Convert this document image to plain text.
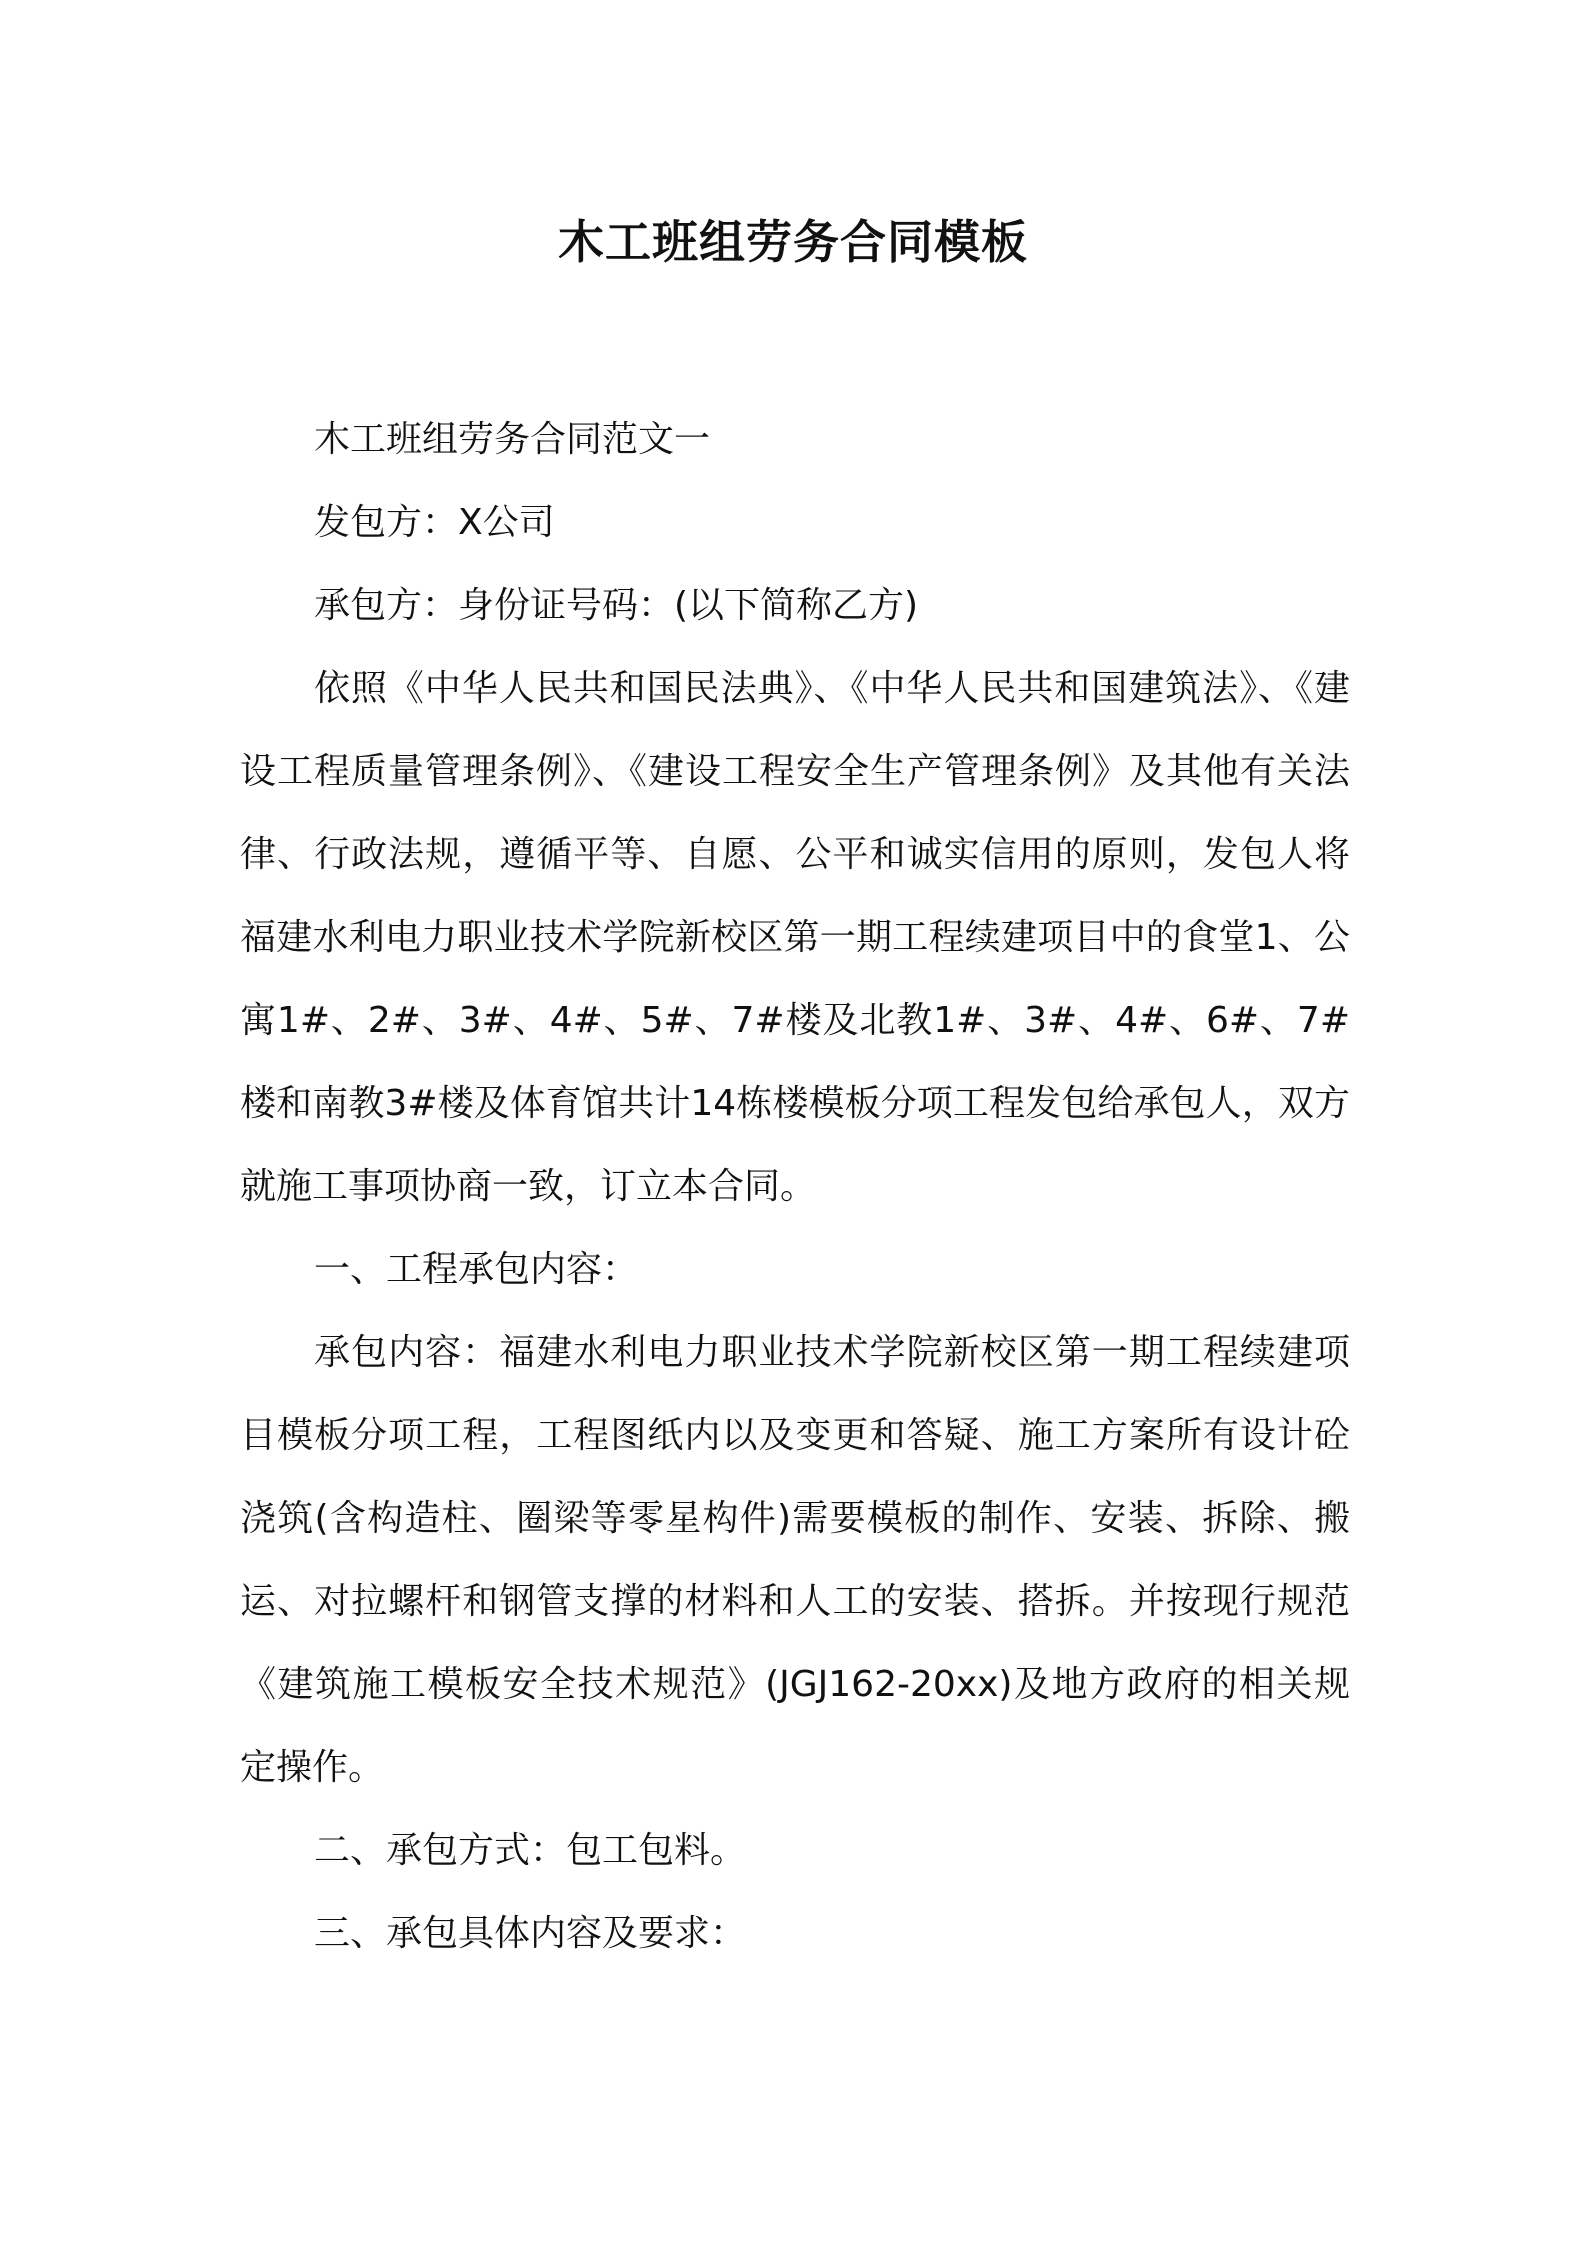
木工班组劳务合同模板

木工班组劳务合同范文一

发包方：X公司

承包方：身份证号码：(以下简称乙方)

依照《中华人民共和国民法典》、《中华人民共和国建筑法》、《建设工程质量管理条例》、《建设工程安全生产管理条例》及其他有关法律、行政法规，遵循平等、自愿、公平和诚实信用的原则，发包人将福建水利电力职业技术学院新校区第一期工程续建项目中的食堂1、公寓1#、2#、3#、4#、5#、7#楼及北教1#、3#、4#、6#、7#楼和南教3#楼及体育馆共计14栋楼模板分项工程发包给承包人，双方就施工事项协商一致，订立本合同。

一、工程承包内容：

承包内容：福建水利电力职业技术学院新校区第一期工程续建项目模板分项工程，工程图纸内以及变更和答疑、施工方案所有设计砼浇筑(含构造柱、圈梁等零星构件)需要模板的制作、安装、拆除、搬运、对拉螺杆和钢管支撑的材料和人工的安装、搭拆。并按现行规范《建筑施工模板安全技术规范》(JGJ162-20xx)及地方政府的相关规定操作。

二、承包方式：包工包料。

三、承包具体内容及要求：
